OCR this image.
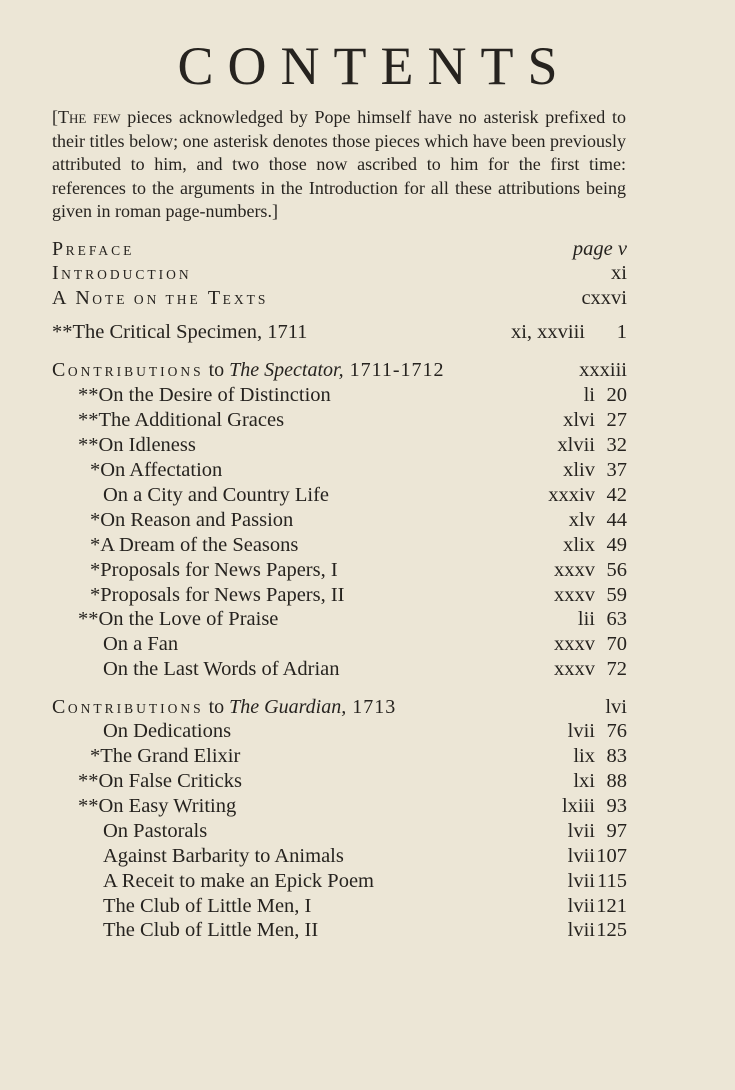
CONTENTS
[The few pieces acknowledged by Pope himself have no asterisk prefixed to their titles below; one asterisk denotes those pieces which have been previously attributed to him, and two those now ascribed to him for the first time: references to the arguments in the Introduction for all these attributions being given in roman page-numbers.]
PREFACE	page v
INTRODUCTION	xi
A NOTE ON THE TEXTS	cxxvi
**The Critical Specimen, 1711	xi, xxviii 1
CONTRIBUTIONS to The Spectator, 1711-1712	xxxiii
**On the Desire of Distinction	li 20
**The Additional Graces	xlvi 27
**On Idleness	xlvii 32
*On Affectation	xliv 37
On a City and Country Life	xxxiv 42
*On Reason and Passion	xlv 44
*A Dream of the Seasons	xlix 49
*Proposals for News Papers, I	xxxv 56
*Proposals for News Papers, II	xxxv 59
**On the Love of Praise	lii 63
On a Fan	xxxv 70
On the Last Words of Adrian	xxxv 72
CONTRIBUTIONS to The Guardian, 1713	lvi
On Dedications	lvii 76
*The Grand Elixir	lix 83
**On False Criticks	lxi 88
**On Easy Writing	lxiii 93
On Pastorals	lvii 97
Against Barbarity to Animals	lvii 107
A Receit to make an Epick Poem	lvii 115
The Club of Little Men, I	lvii 121
The Club of Little Men, II	lvii 125
